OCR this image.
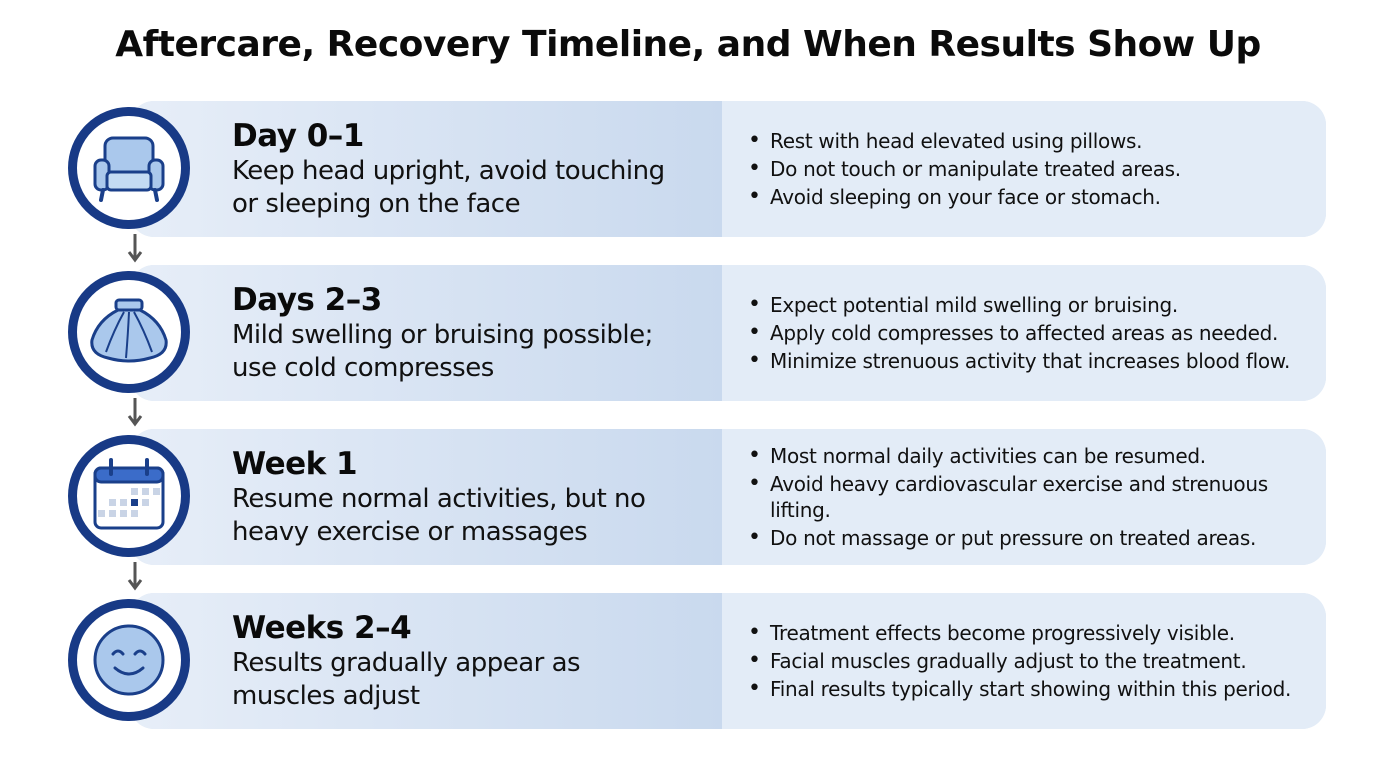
Aftercare, Recovery Timeline, and When Results Show Up
Day 0–1
Keep head upright, avoid touching
or sleeping on the face
• Rest with head elevated using pillows.
• Do not touch or manipulate treated areas.
• Avoid sleeping on your face or stomach.
Days 2–3
Mild swelling or bruising possible;
use cold compresses
• Expect potential mild swelling or bruising.
• Apply cold compresses to affected areas as needed.
• Minimize strenuous activity that increases blood flow.
Week 1
Resume normal activities, but no
heavy exercise or massages
• Most normal daily activities can be resumed.
• Avoid heavy cardiovascular exercise and strenuous lifting.
• Do not massage or put pressure on treated areas.
Weeks 2–4
Results gradually appear as
muscles adjust
• Treatment effects become progressively visible.
• Facial muscles gradually adjust to the treatment.
• Final results typically start showing within this period.
